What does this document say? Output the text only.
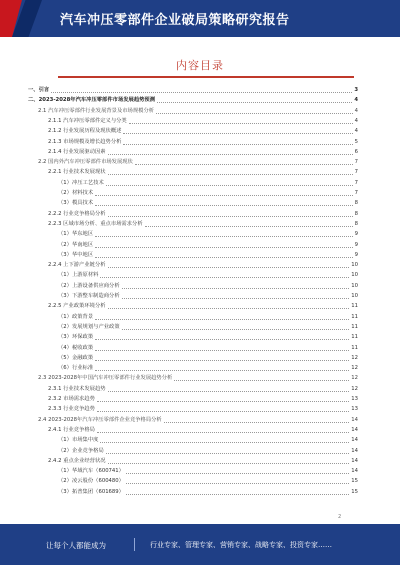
汽车冲压零部件企业破局策略研究报告
内容目录
一、引言	3
二、2023-2028年汽车冲压零部件市场发展趋势预测	4
2.1 汽车冲压零部件行业发展背景及市场规模分析	4
2.1.1 汽车冲压零部件定义与分类	4
2.1.2 行业发展历程及现状概述	4
2.1.3 市场规模及增长趋势分析	5
2.1.4 行业发展驱动因素	6
2.2 国内外汽车冲压零部件市场发展现状	7
2.2.1 行业技术发展现状	7
（1）冲压工艺技术	7
（2）材料技术	7
（3）模具技术	8
2.2.2 行业竞争格局分析	8
2.2.3 区域市场分析、重点市场需求分析	8
（1）华东地区	9
（2）华南地区	9
（3）华中地区	9
2.2.4 上下游产业链分析	10
（1）上游原材料	10
（2）上游设备供应商分析	10
（3）下游整车制造商分析	10
2.2.5 产业政策环境分析	11
（1）政策背景	11
（2）发展规划与产业政策	11
（3）环保政策	11
（4）税收政策	11
（5）金融政策	12
（6）行业标准	12
2.3 2023-2028年中国汽车冲压零部件行业发展趋势分析	12
2.3.1 行业技术发展趋势	12
2.3.2 市场需求趋势	13
2.3.3 行业竞争趋势	13
2.4 2023-2028年汽车冲压零部件企业竞争格局分析	14
2.4.1 行业竞争格局	14
（1）市场集中度	14
（2）企业竞争格局	14
2.4.2 重点企业经营状况	14
（1）华域汽车（600741）	14
（2）凌云股份（600480）	15
（3）拓普集团（601689）	15
2
让每个人都能成为	行业专家、管理专家、营销专家、战略专家、投资专家……
